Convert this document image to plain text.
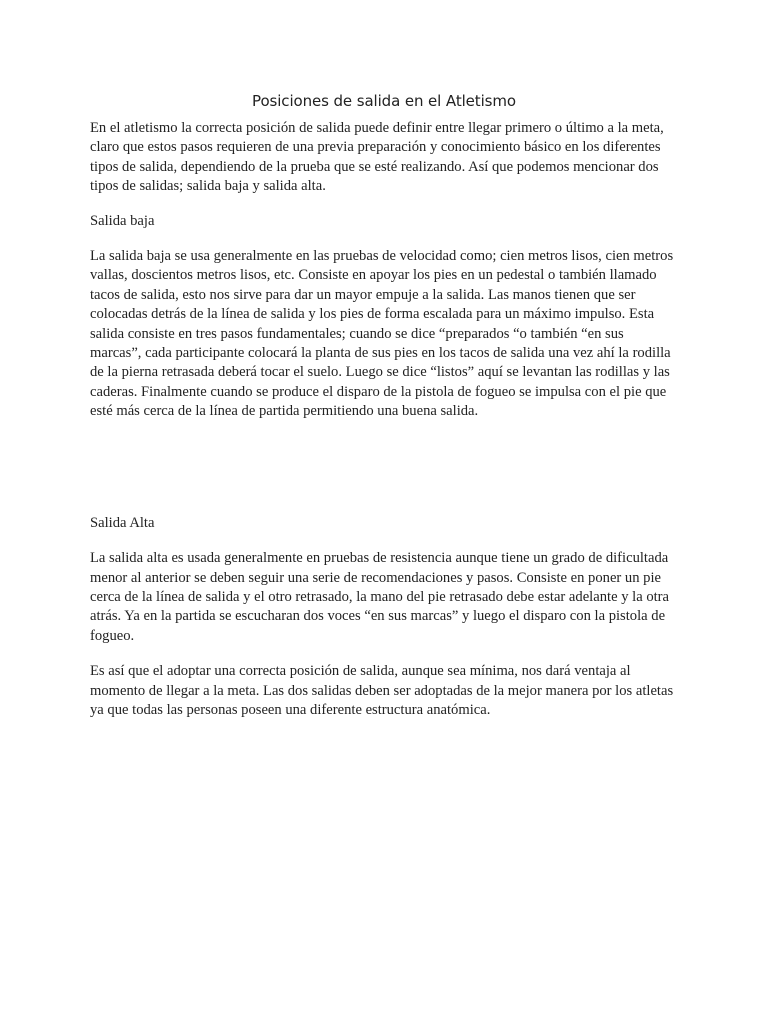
Posiciones de salida en el Atletismo

En el atletismo la correcta posición de salida puede definir entre llegar primero o último a la meta, claro que estos pasos requieren de una previa preparación y conocimiento básico en los diferentes tipos de salida, dependiendo de la prueba que se esté realizando. Así que podemos mencionar dos tipos de salidas; salida baja y salida alta.

Salida baja

La salida baja se usa generalmente en las pruebas de velocidad como; cien metros lisos, cien metros vallas, doscientos metros lisos, etc. Consiste en apoyar los pies en un pedestal o también llamado tacos de salida, esto nos sirve para dar un mayor empuje a la salida. Las manos tienen que ser colocadas detrás de la línea de salida y los pies de forma escalada para un máximo impulso. Esta salida consiste en tres pasos fundamentales; cuando se dice “preparados “o también “en sus marcas”, cada participante colocará la planta de sus pies en los tacos de salida una vez ahí la rodilla de la pierna retrasada deberá tocar el suelo. Luego se dice “listos” aquí se levantan las rodillas y las caderas. Finalmente cuando se produce el disparo de la pistola de fogueo se impulsa con el pie que esté más cerca de la línea de partida permitiendo una buena salida.

Salida Alta

La salida alta es usada generalmente en pruebas de resistencia aunque tiene un grado de dificultada menor al anterior se deben seguir una serie de recomendaciones y pasos. Consiste en poner un pie cerca de la línea de salida y el otro retrasado, la mano del pie retrasado debe estar adelante y la otra atrás. Ya en la partida se escucharan dos voces “en sus marcas” y luego el disparo con la pistola de fogueo.

Es así que el adoptar una correcta posición de salida, aunque sea mínima, nos dará ventaja al momento de llegar a la meta. Las dos salidas deben ser adoptadas de la mejor manera por los atletas ya que todas las personas poseen una diferente estructura anatómica.
